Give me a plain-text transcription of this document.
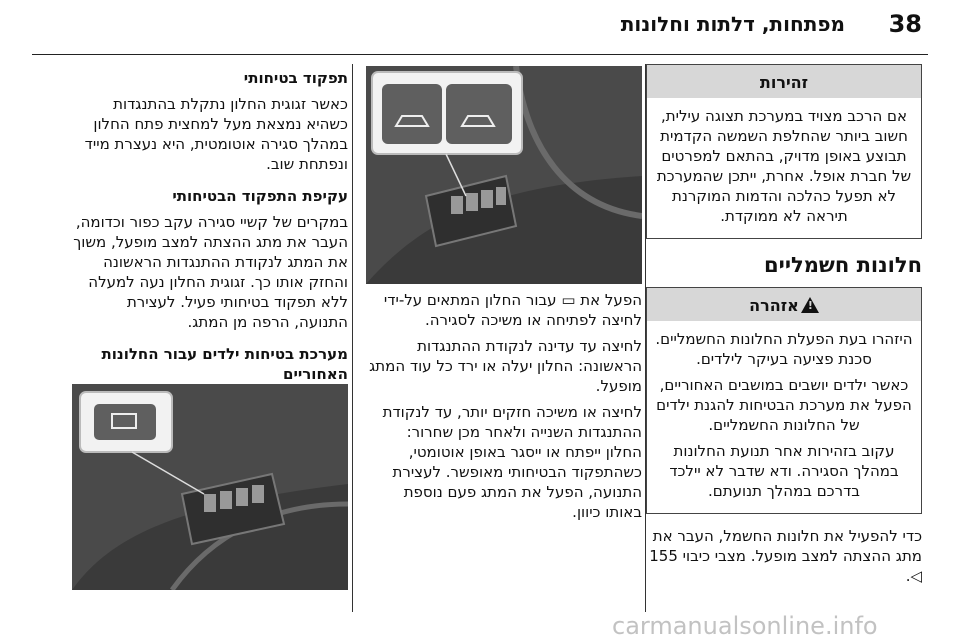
38
מפתחות, דלתות וחלונות
זהירות

אם הרכב מצויד במערכת תצוגה עילית, חשוב ביותר שהחלפת השמשה הקדמית תבוצע באופן מדויק, בהתאם למפרטים של חברת אופל. אחרת, ייתכן שהמערכת לא תפעל כהלכה והדמות המוקרנת תיראה לא ממוקדת.

חלונות חשמליים
!אזהרה

היזהרו בעת הפעלת החלונות החשמליים. סכנת פציעה בעיקר לילדים.

כאשר ילדים יושבים במושבים האחוריים, הפעל את מערכת הבטיחות להגנת ילדים של החלונות החשמליים.

עקוב בזהירות אחר תנועת החלונות במהלך הסגירה. ודא שדבר לא יילכד בדרכם במהלך תנועתם.

כדי להפעיל את חלונות החשמל, העבר את מתג ההצתה למצב מופעל. מצבי כיבוי 155 ◁.

הפעל את ▭ עבור החלון המתאים על-ידי לחיצה לפתיחה או משיכה לסגירה.

לחיצה עד עדינה לנקודת ההתנגדות הראשונה: החלון יעלה או ירד כל עוד המתג מופעל.

לחיצה או משיכה חזקים יותר, עד לנקודת ההתנגדות השנייה ולאחר מכן שחרור: החלון ייפתח או ייסגר באופן אוטומטי, כשהתפקוד הבטיחותי מאופשר. לעצירת התנועה, הפעל את המתג פעם נוספת באותו כיוון.

תפקוד בטיחותי

כאשר זגוגית החלון נתקלת בהתנגדות כשהיא נמצאת מעל למחצית פתח החלון במהלך סגירה אוטומטית, היא נעצרת מייד ונפתחת שוב.

עקיפת התפקוד הבטיחותי

במקרים של קשיי סגירה עקב כפור וכדומה, העבר את מתג ההצתה למצב מופעל, משוך את המתג לנקודת ההתנגדות הראשונה והחזק אותו כך. זגוגית החלון נעה למעלה ללא תפקוד בטיחותי פעיל. לעצירת התנועה, הרפה מן המתג.

מערכת בטיחות ילדים עבור החלונות האחוריים
carmanualsonline.info
